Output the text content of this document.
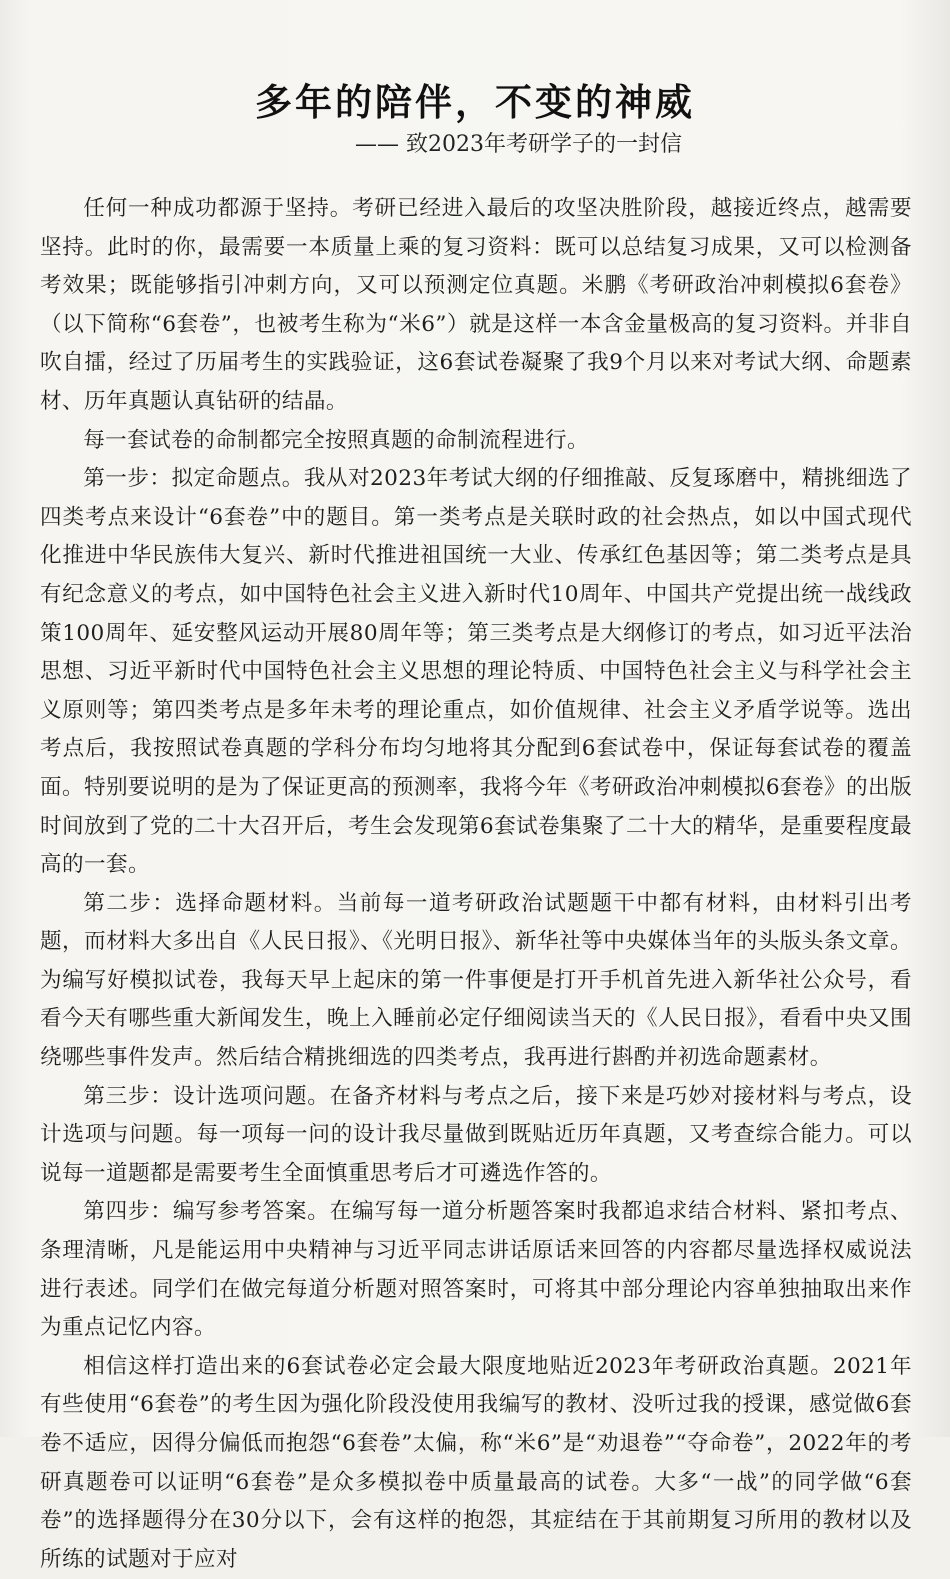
多年的陪伴，不变的神威

—— 致2023年考研学子的一封信

任何一种成功都源于坚持。考研已经进入最后的攻坚决胜阶段，越接近终点，越需要坚持。此时的你，最需要一本质量上乘的复习资料：既可以总结复习成果，又可以检测备考效果；既能够指引冲刺方向，又可以预测定位真题。米鹏《考研政治冲刺模拟6套卷》（以下简称“6套卷”，也被考生称为“米6”）就是这样一本含金量极高的复习资料。并非自吹自擂，经过了历届考生的实践验证，这6套试卷凝聚了我9个月以来对考试大纲、命题素材、历年真题认真钻研的结晶。

每一套试卷的命制都完全按照真题的命制流程进行。

第一步：拟定命题点。我从对2023年考试大纲的仔细推敲、反复琢磨中，精挑细选了四类考点来设计“6套卷”中的题目。第一类考点是关联时政的社会热点，如以中国式现代化推进中华民族伟大复兴、新时代推进祖国统一大业、传承红色基因等；第二类考点是具有纪念意义的考点，如中国特色社会主义进入新时代10周年、中国共产党提出统一战线政策100周年、延安整风运动开展80周年等；第三类考点是大纲修订的考点，如习近平法治思想、习近平新时代中国特色社会主义思想的理论特质、中国特色社会主义与科学社会主义原则等；第四类考点是多年未考的理论重点，如价值规律、社会主义矛盾学说等。选出考点后，我按照试卷真题的学科分布均匀地将其分配到6套试卷中，保证每套试卷的覆盖面。特别要说明的是为了保证更高的预测率，我将今年《考研政治冲刺模拟6套卷》的出版时间放到了党的二十大召开后，考生会发现第6套试卷集聚了二十大的精华，是重要程度最高的一套。

第二步：选择命题材料。当前每一道考研政治试题题干中都有材料，由材料引出考题，而材料大多出自《人民日报》、《光明日报》、新华社等中央媒体当年的头版头条文章。为编写好模拟试卷，我每天早上起床的第一件事便是打开手机首先进入新华社公众号，看看今天有哪些重大新闻发生，晚上入睡前必定仔细阅读当天的《人民日报》，看看中央又围绕哪些事件发声。然后结合精挑细选的四类考点，我再进行斟酌并初选命题素材。

第三步：设计选项问题。在备齐材料与考点之后，接下来是巧妙对接材料与考点，设计选项与问题。每一项每一问的设计我尽量做到既贴近历年真题，又考查综合能力。可以说每一道题都是需要考生全面慎重思考后才可遴选作答的。

第四步：编写参考答案。在编写每一道分析题答案时我都追求结合材料、紧扣考点、条理清晰，凡是能运用中央精神与习近平同志讲话原话来回答的内容都尽量选择权威说法进行表述。同学们在做完每道分析题对照答案时，可将其中部分理论内容单独抽取出来作为重点记忆内容。

相信这样打造出来的6套试卷必定会最大限度地贴近2023年考研政治真题。2021年有些使用“6套卷”的考生因为强化阶段没使用我编写的教材、没听过我的授课，感觉做6套卷不适应，因得分偏低而抱怨“6套卷”太偏，称“米6”是“劝退卷”“夺命卷”，2022年的考研真题卷可以证明“6套卷”是众多模拟卷中质量最高的试卷。大多“一战”的同学做“6套卷”的选择题得分在30分以下，会有这样的抱怨，其症结在于其前期复习所用的教材以及所练的试题对于应对
